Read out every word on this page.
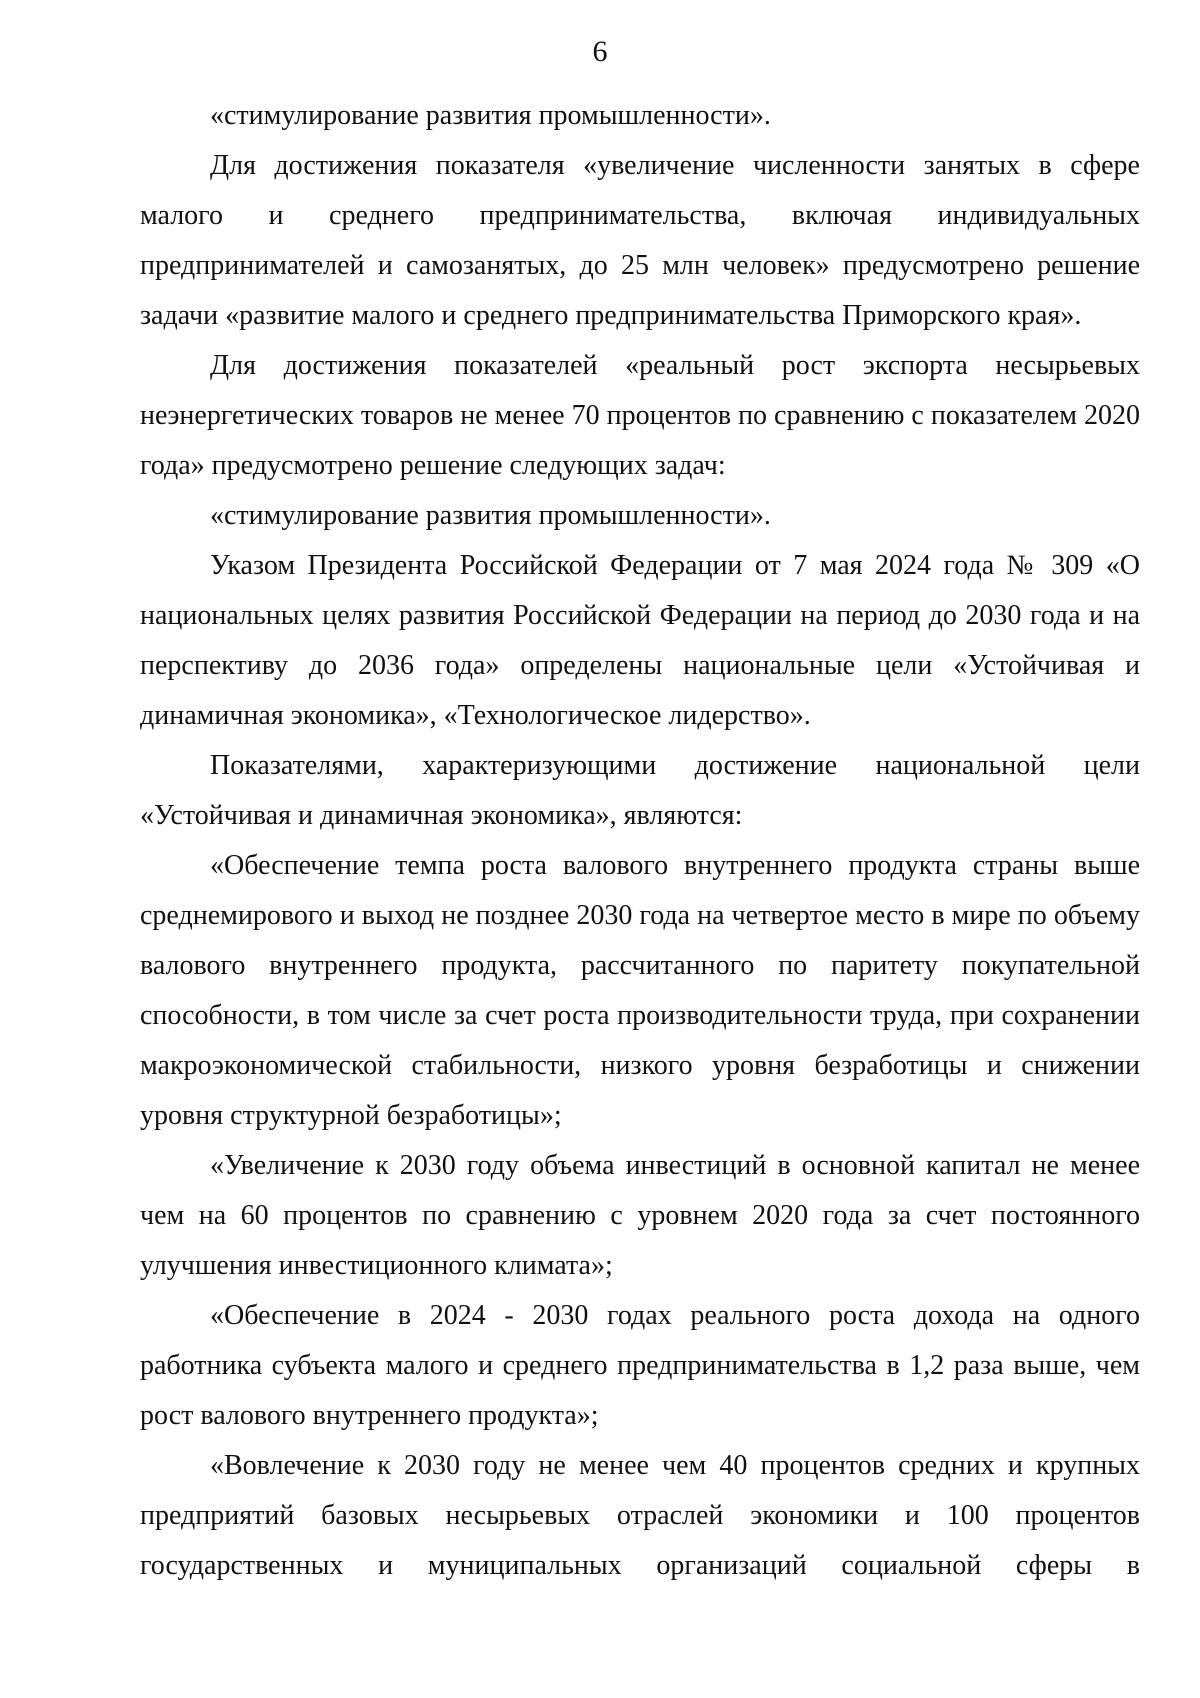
6

«стимулирование развития промышленности».

Для достижения показателя «увеличение численности занятых в сфере малого и среднего предпринимательства, включая индивидуальных предпринимателей и самозанятых, до 25 млн человек» предусмотрено решение задачи «развитие малого и среднего предпринимательства Приморского края».

Для достижения показателей «реальный рост экспорта несырьевых неэнергетических товаров не менее 70 процентов по сравнению с показателем 2020 года» предусмотрено решение следующих задач:

«стимулирование развития промышленности».

Указом Президента Российской Федерации от 7 мая 2024 года № 309 «О национальных целях развития Российской Федерации на период до 2030 года и на перспективу до 2036 года» определены национальные цели «Устойчивая и динамичная экономика», «Технологическое лидерство».

Показателями, характеризующими достижение национальной цели «Устойчивая и динамичная экономика», являются:

«Обеспечение темпа роста валового внутреннего продукта страны выше среднемирового и выход не позднее 2030 года на четвертое место в мире по объему валового внутреннего продукта, рассчитанного по паритету покупательной способности, в том числе за счет роста производительности труда, при сохранении макроэкономической стабильности, низкого уровня безработицы и снижении уровня структурной безработицы»;

«Увеличение к 2030 году объема инвестиций в основной капитал не менее чем на 60 процентов по сравнению с уровнем 2020 года за счет постоянного улучшения инвестиционного климата»;

«Обеспечение в 2024 - 2030 годах реального роста дохода на одного работника субъекта малого и среднего предпринимательства в 1,2 раза выше, чем рост валового внутреннего продукта»;

«Вовлечение к 2030 году не менее чем 40 процентов средних и крупных предприятий базовых несырьевых отраслей экономики и 100 процентов государственных и муниципальных организаций социальной сферы в
